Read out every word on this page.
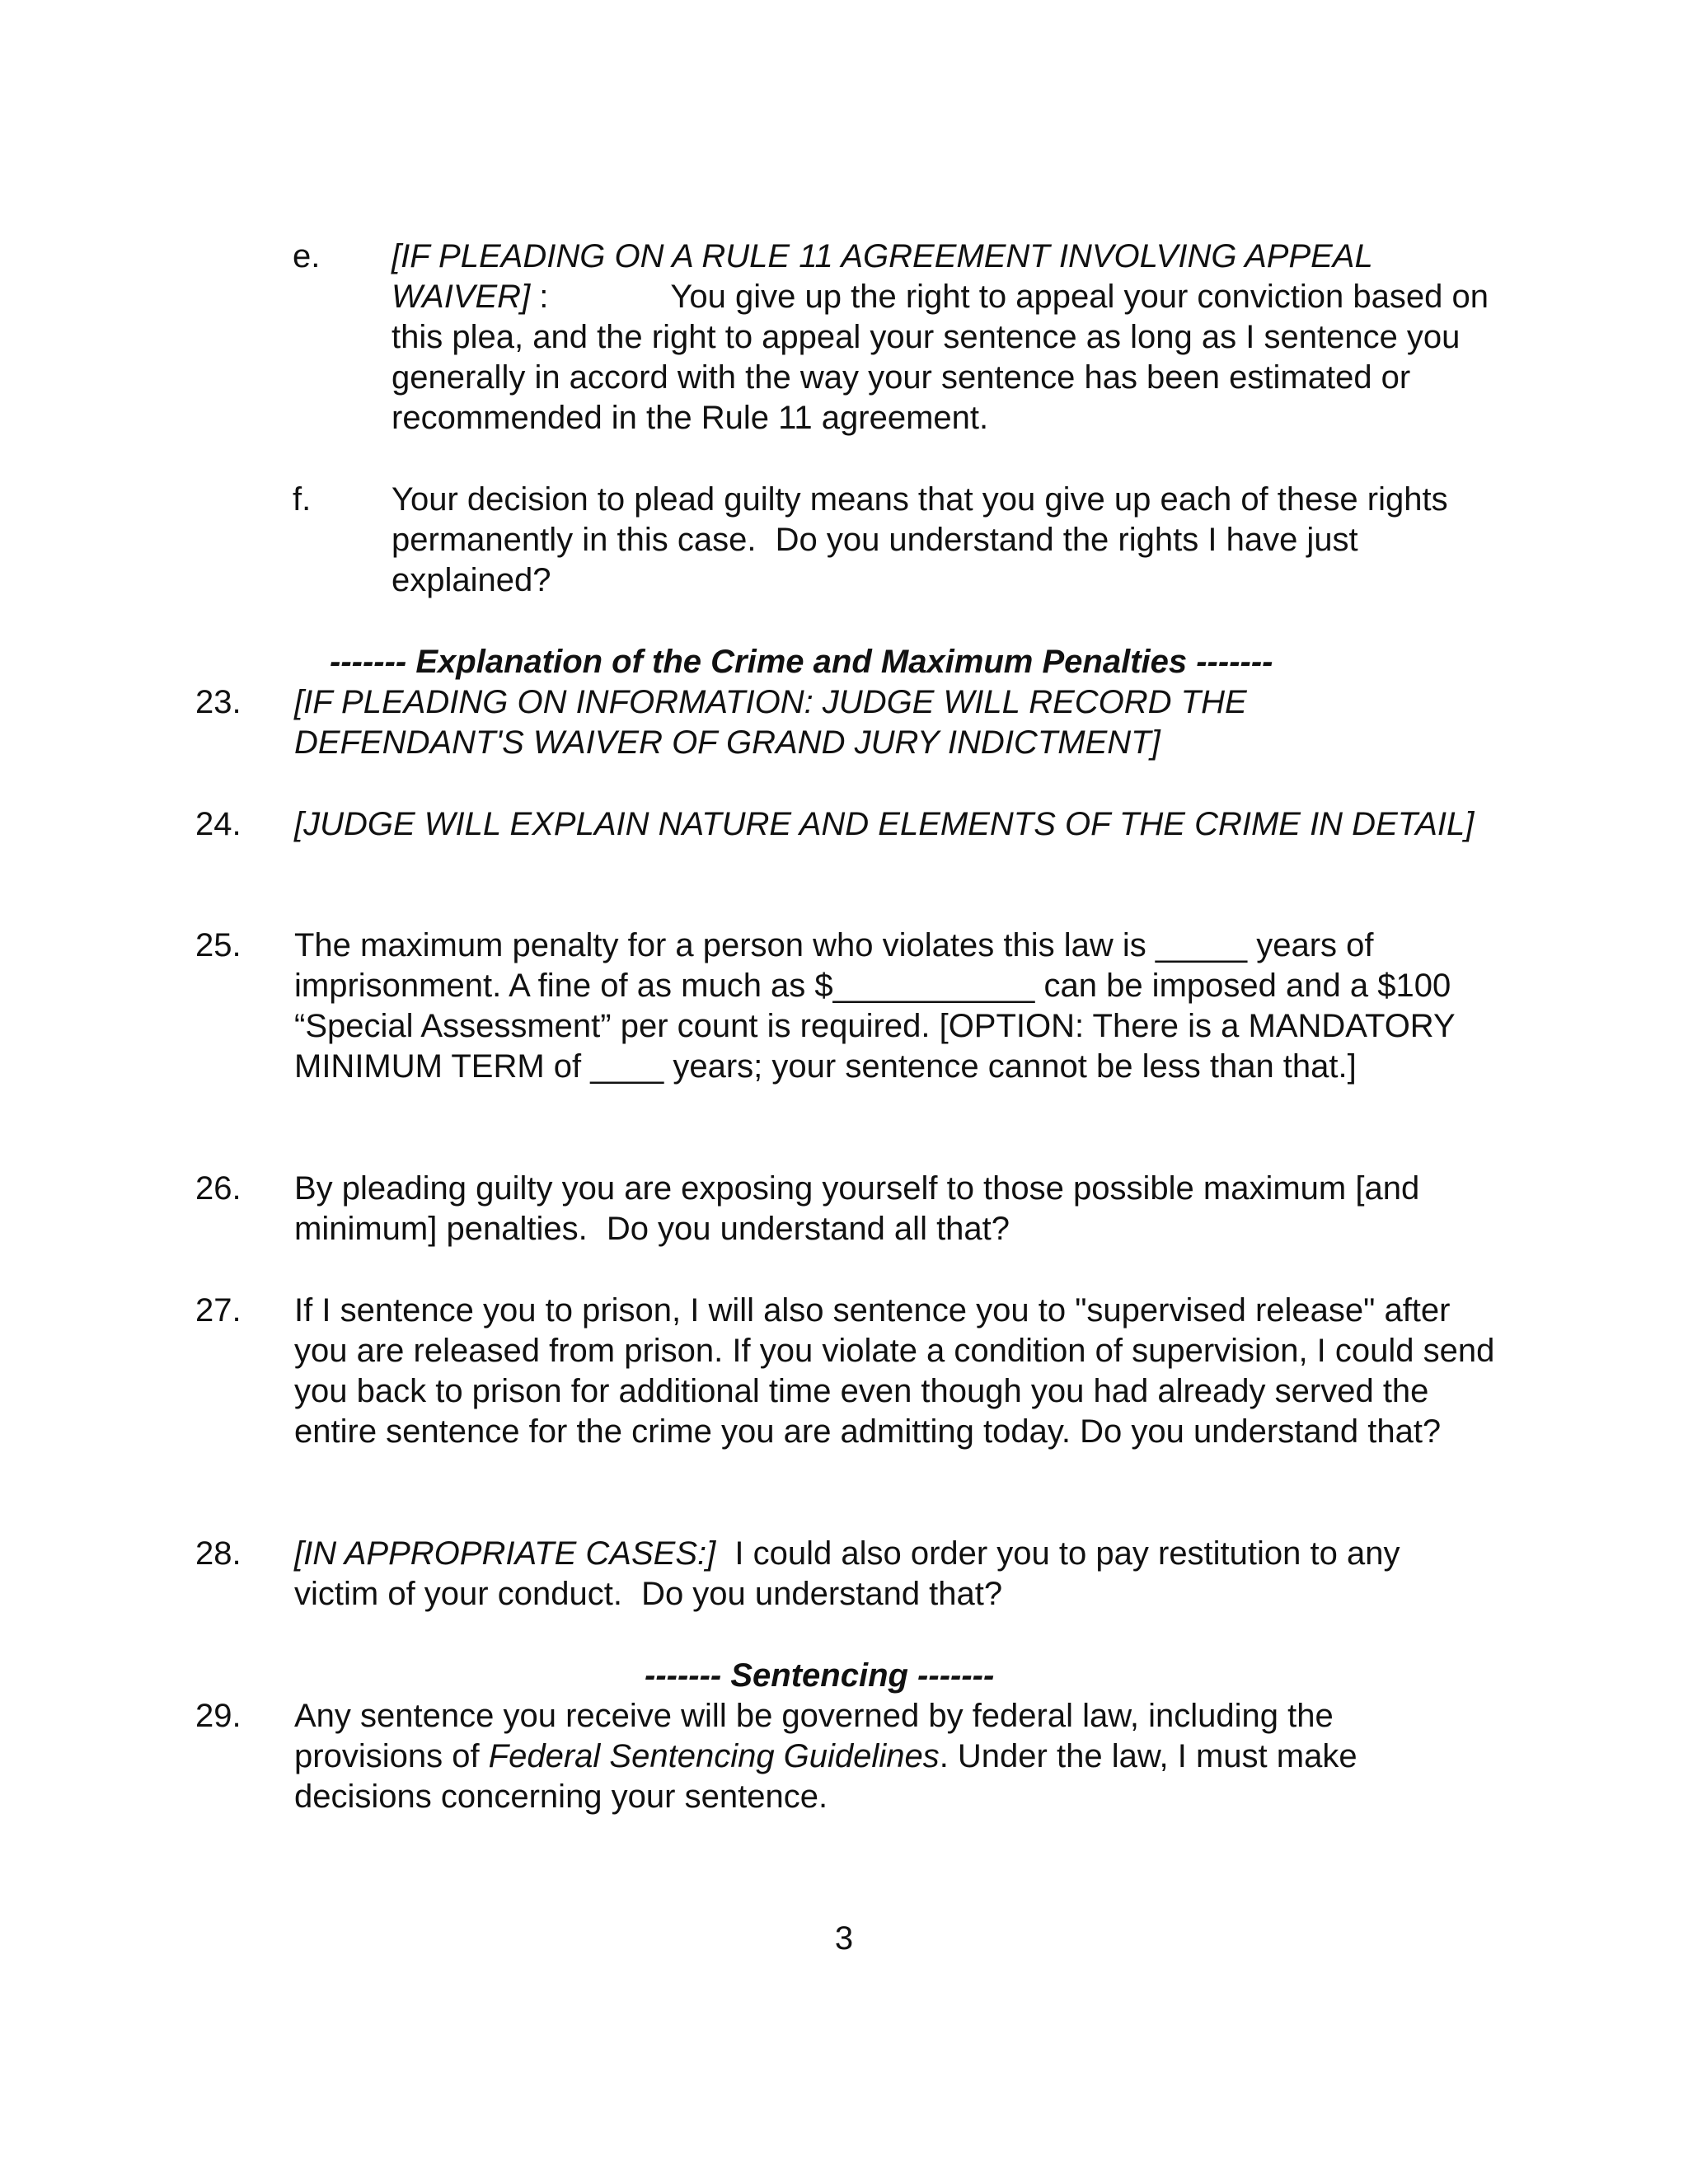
e. [IF PLEADING ON A RULE 11 AGREEMENT INVOLVING APPEAL WAIVER] :	You give up the right to appeal your conviction based on this plea, and the right to appeal your sentence as long as I sentence you generally in accord with the way your sentence has been estimated or recommended in the Rule 11 agreement.
f. Your decision to plead guilty means that you give up each of these rights permanently in this case. Do you understand the rights I have just explained?
------- Explanation of the Crime and Maximum Penalties -------
23. [IF PLEADING ON INFORMATION: JUDGE WILL RECORD THE DEFENDANT'S WAIVER OF GRAND JURY INDICTMENT]
24. [JUDGE WILL EXPLAIN NATURE AND ELEMENTS OF THE CRIME IN DETAIL]
25. The maximum penalty for a person who violates this law is _____ years of imprisonment. A fine of as much as $___________ can be imposed and a $100 “Special Assessment” per count is required. [OPTION: There is a MANDATORY MINIMUM TERM of ____ years; your sentence cannot be less than that.]
26. By pleading guilty you are exposing yourself to those possible maximum [and minimum] penalties. Do you understand all that?
27. If I sentence you to prison, I will also sentence you to "supervised release" after you are released from prison. If you violate a condition of supervision, I could send you back to prison for additional time even though you had already served the entire sentence for the crime you are admitting today. Do you understand that?
28. [IN APPROPRIATE CASES:] I could also order you to pay restitution to any victim of your conduct. Do you understand that?
------- Sentencing -------
29. Any sentence you receive will be governed by federal law, including the provisions of Federal Sentencing Guidelines. Under the law, I must make decisions concerning your sentence.
3
